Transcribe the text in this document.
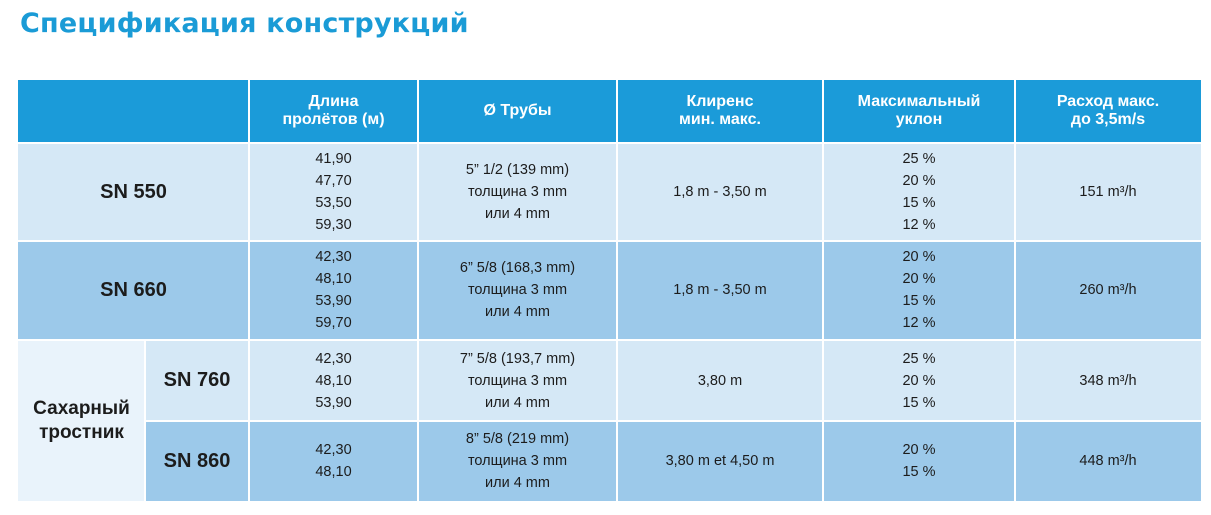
Спецификация конструкций
Длина
пролётов (м)
Ø Трубы
Клиренс
мин. макс.
Максимальный
уклон
Расход макс.
до 3,5m/s
SN 550
41,90
47,70
53,50
59,30
5” 1/2 (139 mm)
толщина 3 mm
или 4 mm
1,8 m - 3,50 m
25 %
20 %
15 %
12 %
151 m³/h
SN 660
42,30
48,10
53,90
59,70
6” 5/8 (168,3 mm)
толщина 3 mm
или 4 mm
1,8 m - 3,50 m
20 %
20 %
15 %
12 %
260 m³/h
Сахарный
тростник
SN 760
42,30
48,10
53,90
7” 5/8 (193,7 mm)
толщина 3 mm
или 4 mm
3,80 m
25 %
20 %
15 %
348 m³/h
SN 860	42,30
48,10
8” 5/8 (219 mm)
толщина 3 mm
или 4 mm
3,80 m et 4,50 m
20 %
15 %
448 m³/h
